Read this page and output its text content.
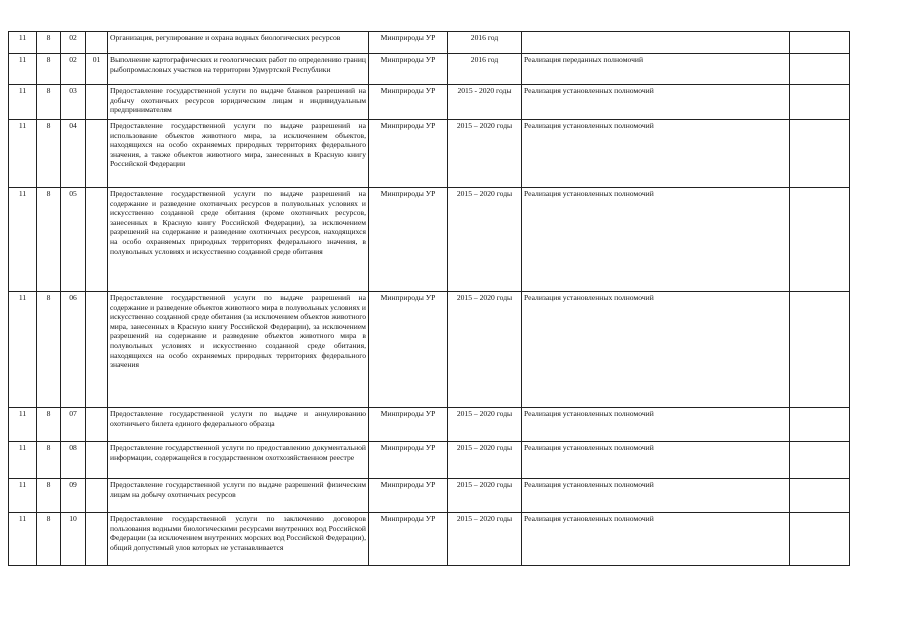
11	8	02		Организация, регулирование и охрана водных биологических ресурсов	Минприроды УР	2016 год		
11	8	02	01	Выполнение картографических и геологических работ по определению границ рыбопромысловых участков на территории Удмуртской Республики	Минприроды УР	2016 год	Реализация переданных полномочий	
11	8	03		Предоставление государственной услуги по выдаче бланков разрешений на добычу охотничьих ресурсов юридическим лицам и индивидуальным предпринимателям	Минприроды УР	2015 - 2020 годы	Реализация установленных полномочий	
11	8	04		Предоставление государственной услуги по выдаче разрешений на использование объектов животного мира, за исключением объектов, находящихся на особо охраняемых природных территориях федерального значения, а также объектов животного мира, занесенных в Красную книгу Российской Федерации	Минприроды УР	2015 – 2020 годы	Реализация установленных полномочий	
11	8	05		Предоставление государственной услуги по выдаче разрешений на содержание и разведение охотничьих ресурсов в полувольных условиях и искусственно созданной среде обитания (кроме охотничьих ресурсов, занесенных в Красную книгу Российской Федерации), за исключением разрешений на содержание и разведение охотничьих ресурсов, находящихся на особо охраняемых природных территориях федерального значения, в полувольных условиях и искусственно созданной среде обитания	Минприроды УР	2015 – 2020 годы	Реализация установленных полномочий	
11	8	06		Предоставление государственной услуги по выдаче разрешений на содержание и разведение объектов животного мира в полувольных условиях и искусственно созданной среде обитания (за исключением объектов животного мира, занесенных в Красную книгу Российской Федерации), за исключением разрешений на содержание и разведение объектов животного мира в полувольных условиях и искусственно созданной среде обитания, находящихся на особо охраняемых природных территориях федерального значения	Минприроды УР	2015 – 2020 годы	Реализация установленных полномочий	
11	8	07		Предоставление государственной услуги по выдаче и аннулированию охотничьего билета единого федерального образца	Минприроды УР	2015 – 2020 годы	Реализация установленных полномочий	
11	8	08		Предоставление государственной услуги по предоставлению документальной информации, содержащейся в государственном охотхозяйственном реестре	Минприроды УР	2015 – 2020 годы	Реализация установленных полномочий	
11	8	09		Предоставление государственной услуги по выдаче разрешений физическим лицам на добычу охотничьих ресурсов	Минприроды УР	2015 – 2020 годы	Реализация установленных полномочий	
11	8	10		Предоставление государственной услуги по заключению договоров пользования водными биологическими ресурсами внутренних вод Российской Федерации (за исключением внутренних морских вод Российской Федерации), общий допустимый улов которых не устанавливается	Минприроды УР	2015 – 2020 годы	Реализация установленных полномочий	
